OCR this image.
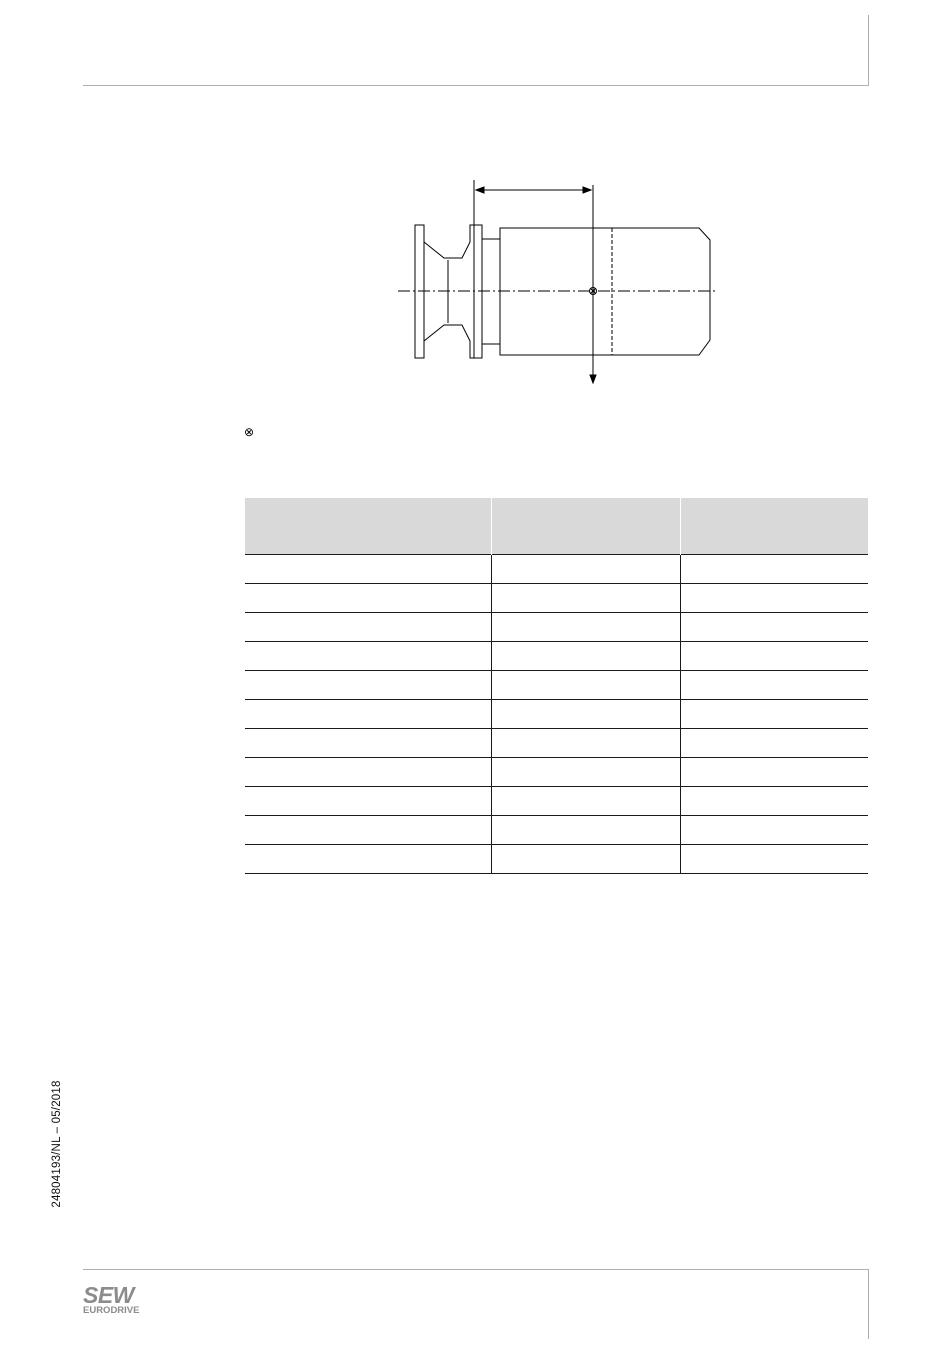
⊗

24804193/NL – 05/2018
SEW
EURODRIVE
